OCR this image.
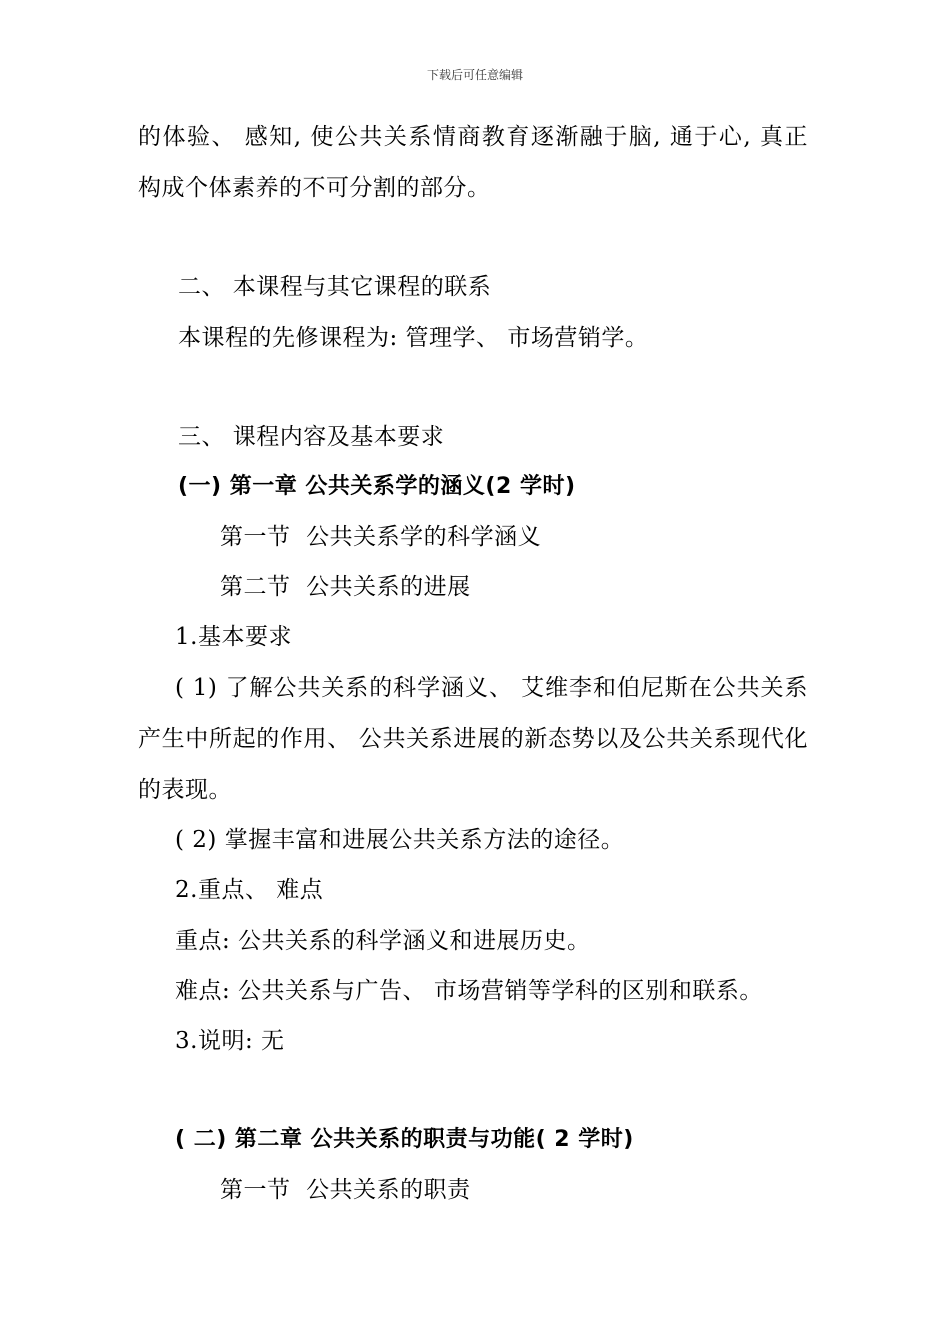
下载后可任意编辑
的体验、 感知, 使公共关系情商教育逐渐融于脑, 通于心, 真正
构成个体素养的不可分割的部分。
二、 本课程与其它课程的联系
本课程的先修课程为: 管理学、 市场营销学。
三、 课程内容及基本要求
(一) 第一章 公共关系学的涵义(2 学时)
第一节  公共关系学的科学涵义
第二节  公共关系的进展
1.基本要求
( 1) 了解公共关系的科学涵义、 艾维李和伯尼斯在公共关系
产生中所起的作用、 公共关系进展的新态势以及公共关系现代化
的表现。
( 2) 掌握丰富和进展公共关系方法的途径。
2.重点、 难点
重点: 公共关系的科学涵义和进展历史。
难点: 公共关系与广告、 市场营销等学科的区别和联系。
3.说明: 无
( 二) 第二章 公共关系的职责与功能( 2 学时)
第一节  公共关系的职责
